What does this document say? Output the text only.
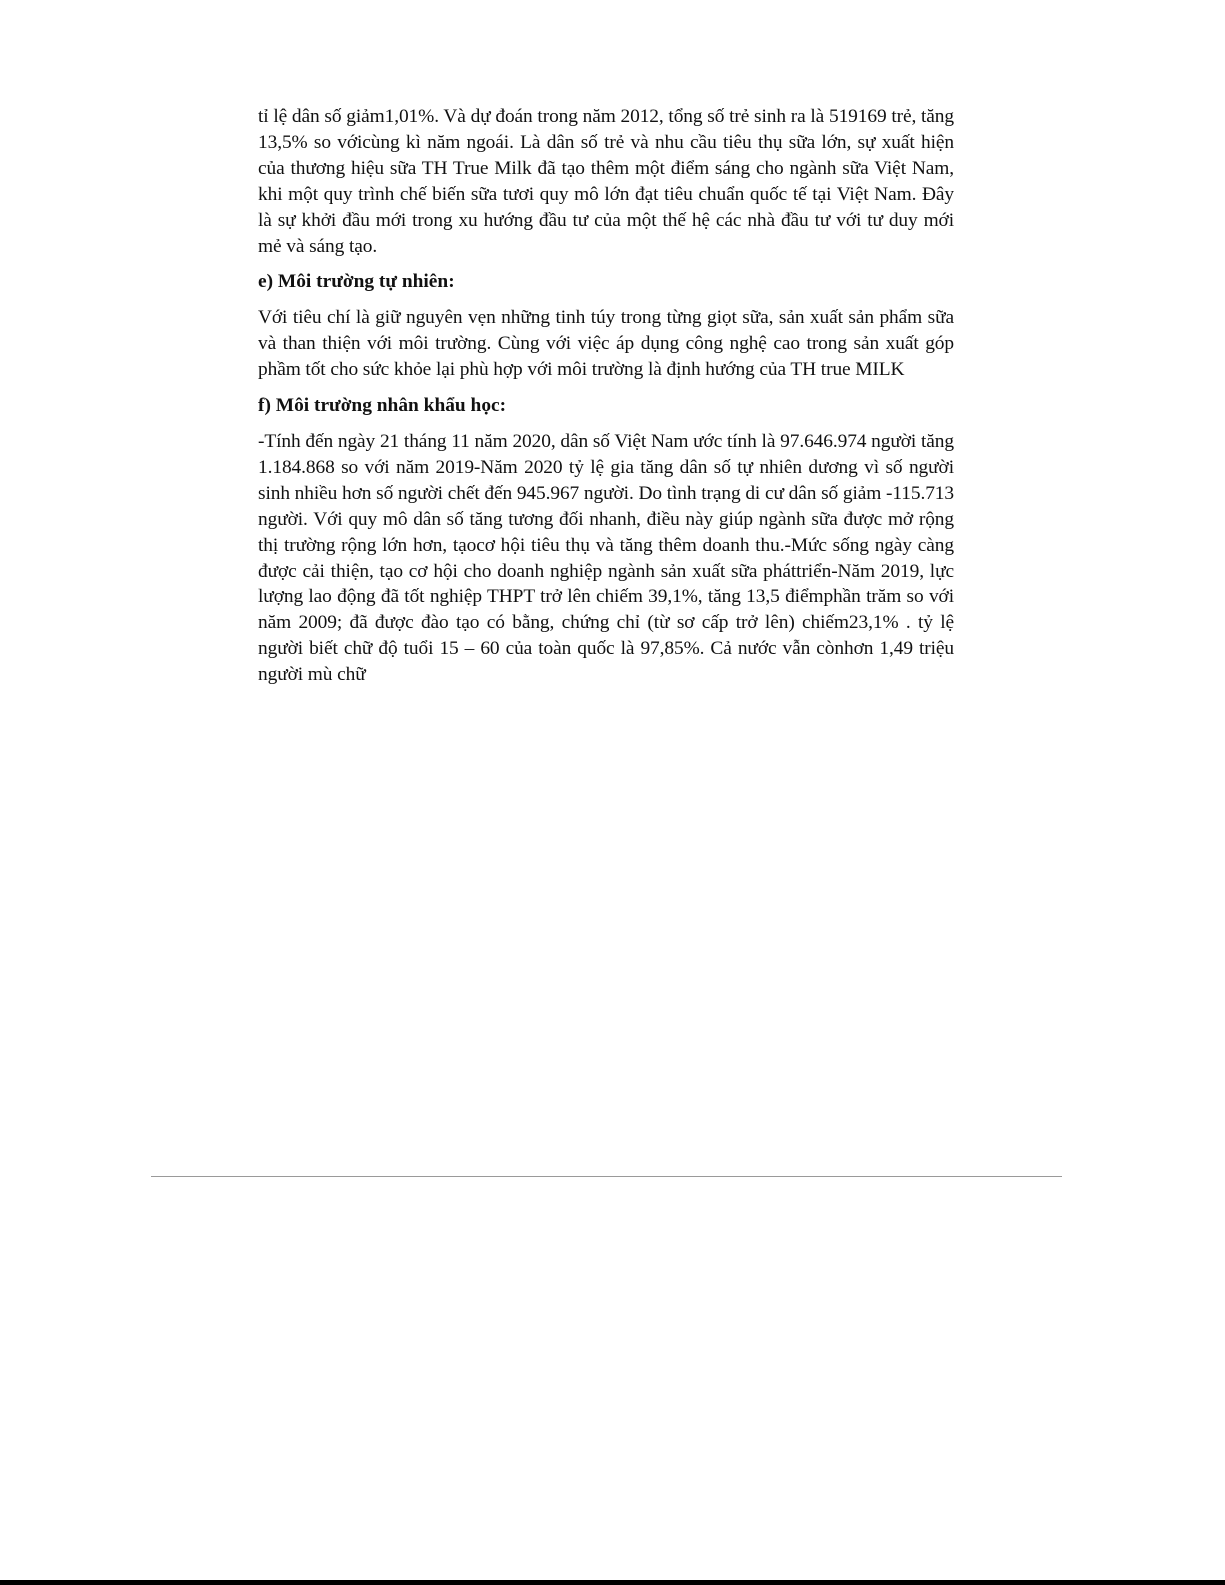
tỉ lệ dân số giảm1,01%. Và dự đoán trong năm 2012, tổng số trẻ sinh ra là 519169 trẻ, tăng 13,5% so vớicùng kì năm ngoái. Là dân số trẻ và nhu cầu tiêu thụ sữa lớn, sự xuất hiện của thương hiệu sữa TH True Milk đã tạo thêm một điểm sáng cho ngành sữa Việt Nam, khi một quy trình chế biến sữa tươi quy mô lớn đạt tiêu chuẩn quốc tế tại Việt Nam. Đây là sự khởi đầu mới trong xu hướng đầu tư của một thế hệ các nhà đầu tư với tư duy mới mẻ và sáng tạo.

e) Môi trường tự nhiên:

Với tiêu chí là giữ nguyên vẹn những tinh túy trong từng giọt sữa, sản xuất sản phẩm sữa và than thiện với môi trường. Cùng với việc áp dụng công nghệ cao trong sản xuất góp phầm tốt cho sức khỏe lại phù hợp với môi trường là định hướng của TH true MILK

f) Môi trường nhân khẩu học:

-Tính đến ngày 21 tháng 11 năm 2020, dân số Việt Nam ước tính là 97.646.974 người tăng 1.184.868 so với năm 2019-Năm 2020 tỷ lệ gia tăng dân số tự nhiên dương vì số người sinh nhiều hơn số người chết đến 945.967 người. Do tình trạng di cư dân số giảm -115.713 người. Với quy mô dân số tăng tương đối nhanh, điều này giúp ngành sữa được mở rộng thị trường rộng lớn hơn, tạocơ hội tiêu thụ và tăng thêm doanh thu.-Mức sống ngày càng được cải thiện, tạo cơ hội cho doanh nghiệp ngành sản xuất sữa pháttriển-Năm 2019, lực lượng lao động đã tốt nghiệp THPT trở lên chiếm 39,1%, tăng 13,5 điểmphần trăm so với năm 2009; đã được đào tạo có bằng, chứng chỉ (từ sơ cấp trở lên) chiếm23,1% . tỷ lệ người biết chữ độ tuổi 15 – 60 của toàn quốc là 97,85%. Cả nước vẫn cònhơn 1,49 triệu người mù chữ
